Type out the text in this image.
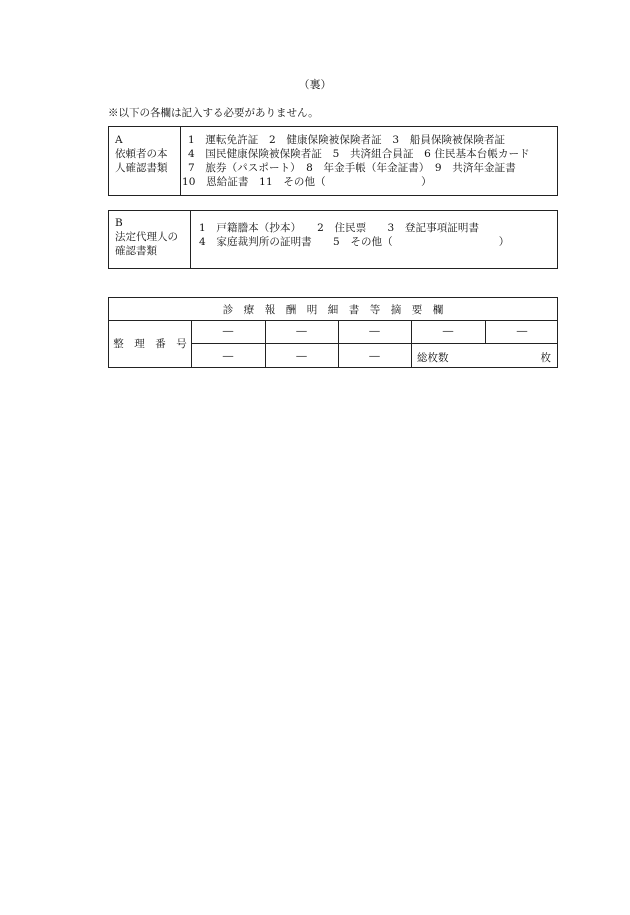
（裏）
※以下の各欄は記入する必要がありません。
A
依頼者の本
人確認書類
1　運転免許証　2　健康保険被保険者証　3　船員保険被保険者証
4　国民健康保険被保険者証　5　共済組合員証　6 住民基本台帳カード
7　旅券（パスポート）　8　年金手帳（年金証書）　9　共済年金証書
10　恩給証書　11　その他（　　　　　　　　　）
B
法定代理人の
確認書類
1　戸籍謄本（抄本）　　2　住民票　　3　登記事項証明書
4　家庭裁判所の証明書　　5　その他（　　　　　　　　　　）
診　療　報　酬　明　細　書　等　摘　要　欄
整　理　番　号
―	―	―	―	―
―	―	―	総枚数	枚
